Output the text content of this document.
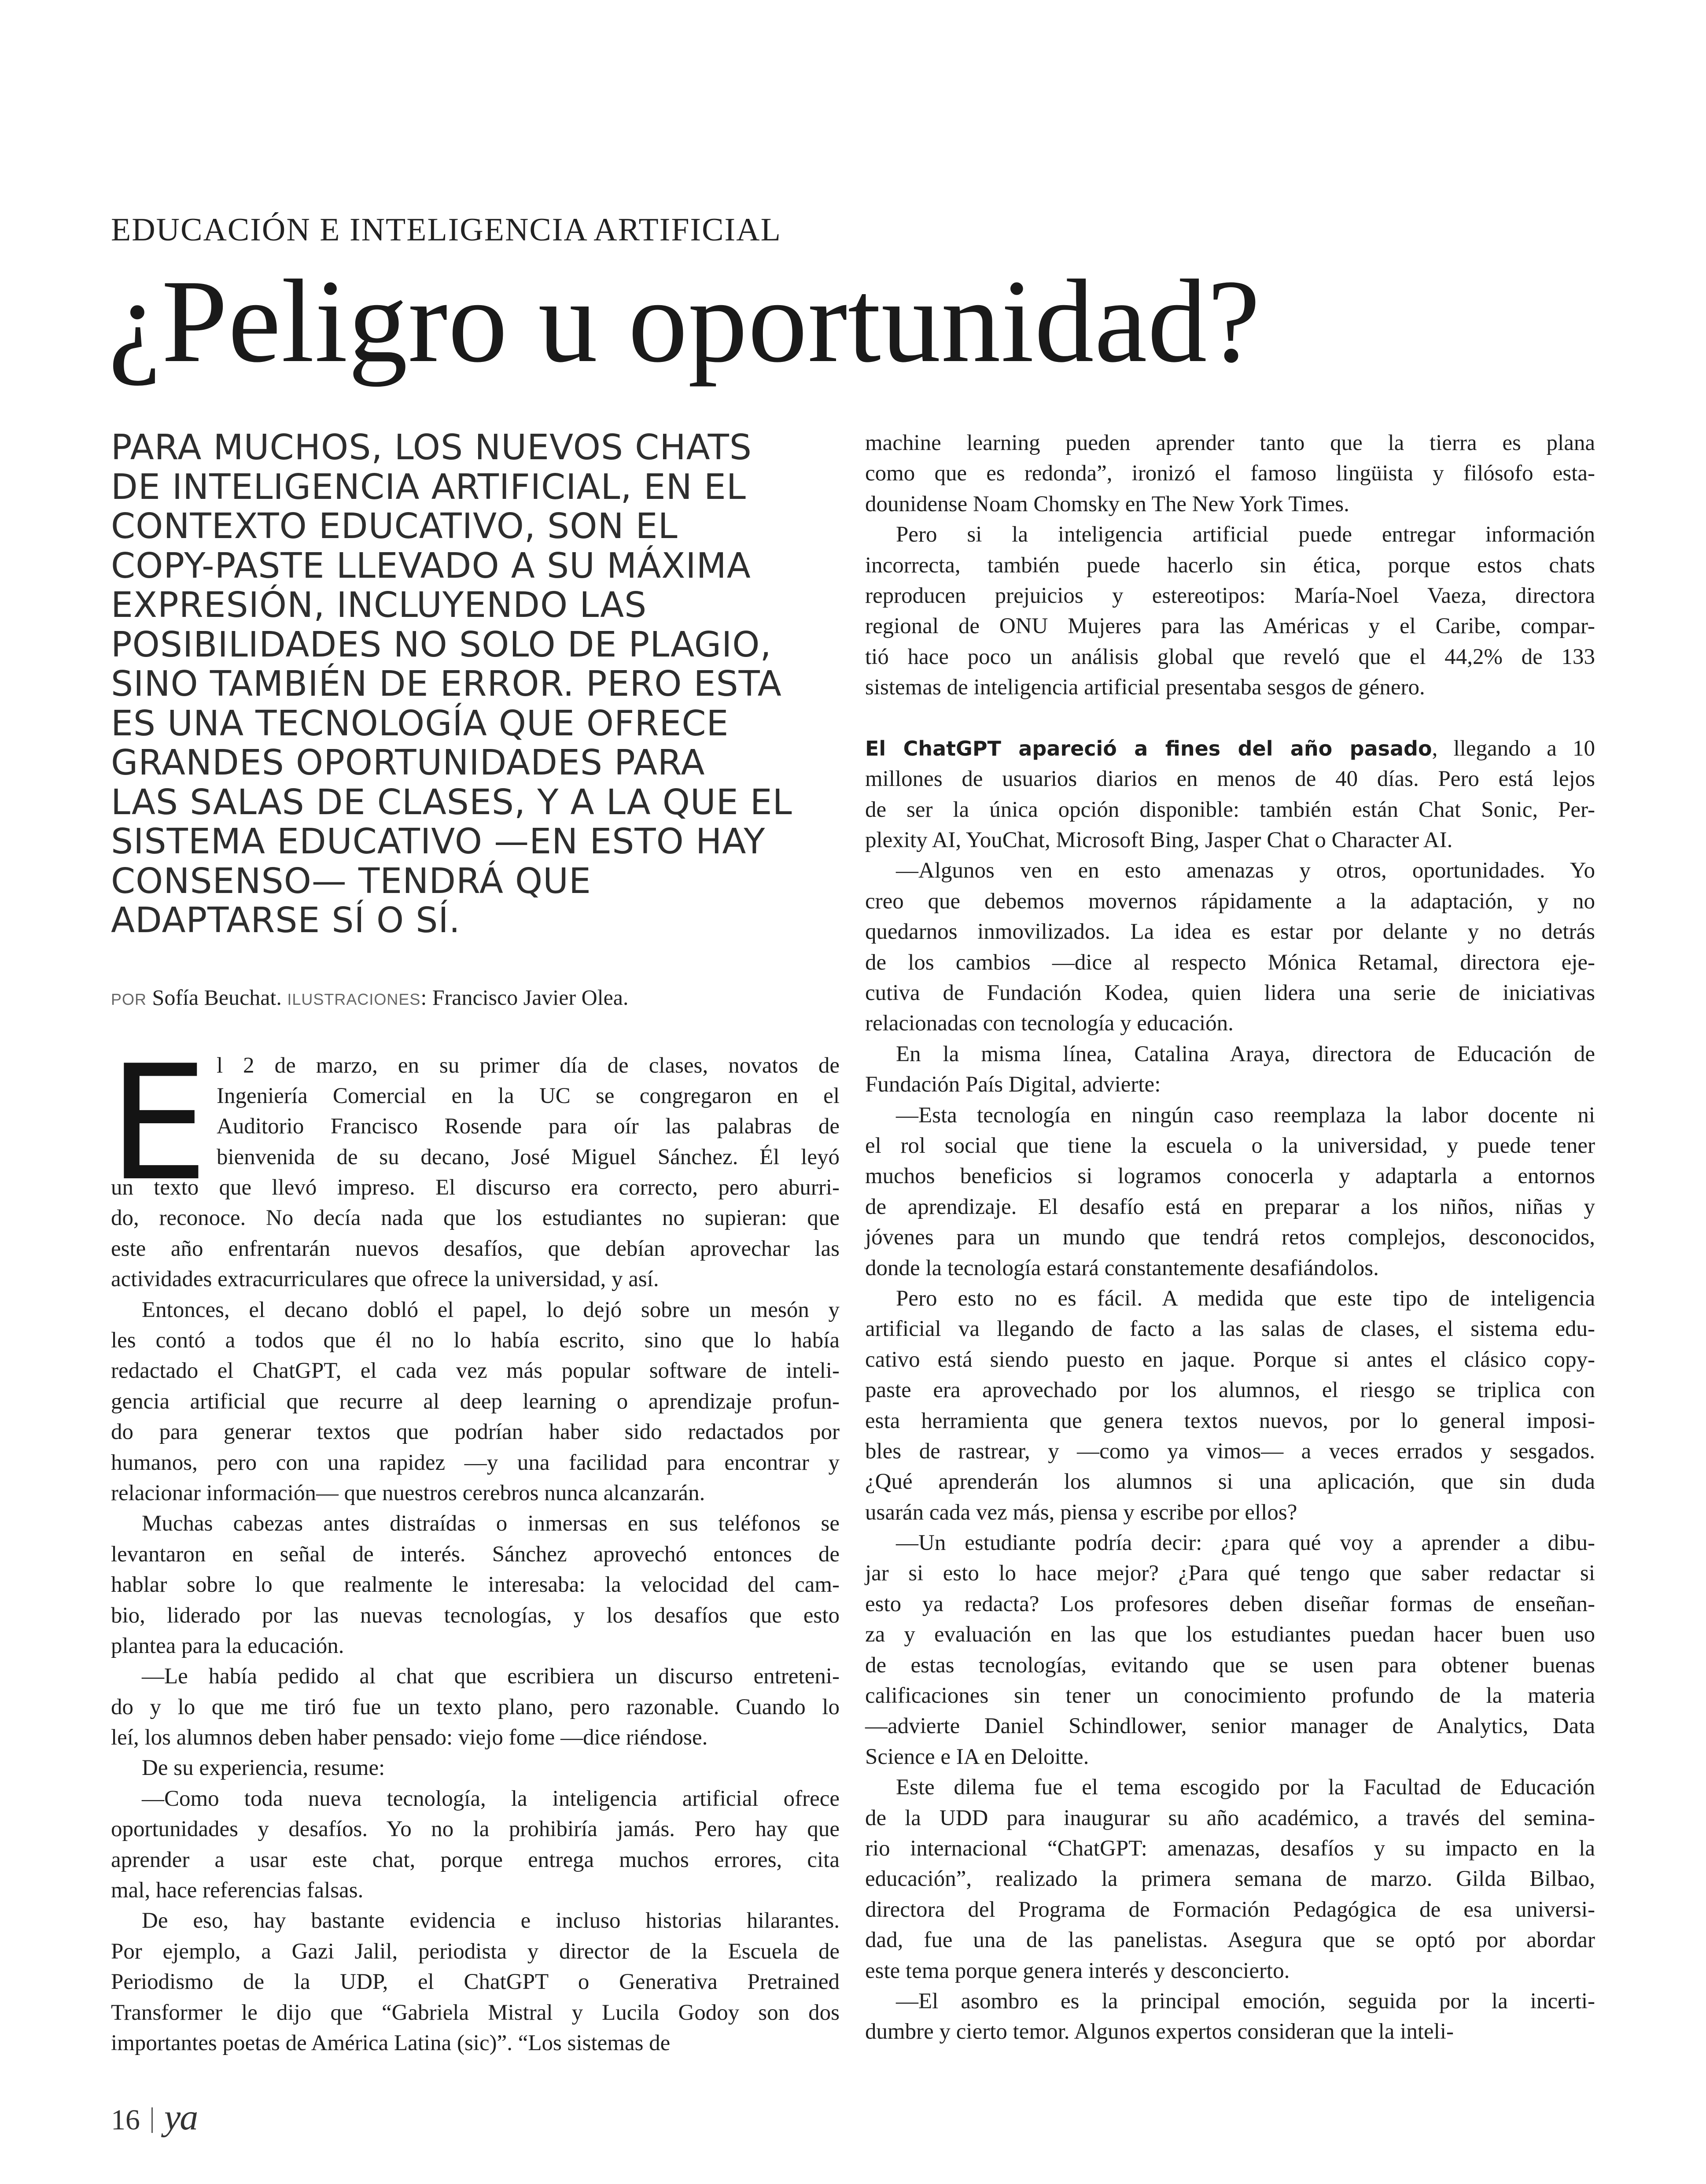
EDUCACIÓN E INTELIGENCIA ARTIFICIAL
¿Peligro u oportunidad?
PARA MUCHOS, LOS NUEVOS CHATS
DE INTELIGENCIA ARTIFICIAL, EN EL
CONTEXTO EDUCATIVO, SON EL
COPY-PASTE LLEVADO A SU MÁXIMA
EXPRESIÓN, INCLUYENDO LAS
POSIBILIDADES NO SOLO DE PLAGIO,
SINO TAMBIÉN DE ERROR. PERO ESTA
ES UNA TECNOLOGÍA QUE OFRECE
GRANDES OPORTUNIDADES PARA
LAS SALAS DE CLASES, Y A LA QUE EL
SISTEMA EDUCATIVO —EN ESTO HAY
CONSENSO— TENDRÁ QUE
ADAPTARSE SÍ O SÍ.
POR Sofía Beuchat. ILUSTRACIONES: Francisco Javier Olea.
E l 2 de marzo, en su primer día de clases, novatos de
Ingeniería Comercial en la UC se congregaron en el
Auditorio Francisco Rosende para oír las palabras de
bienvenida de su decano, José Miguel Sánchez. Él leyó
un texto que llevó impreso. El discurso era correcto, pero aburri-
do, reconoce. No decía nada que los estudiantes no supieran: que
este año enfrentarán nuevos desafíos, que debían aprovechar las
actividades extracurriculares que ofrece la universidad, y así.
Entonces, el decano dobló el papel, lo dejó sobre un mesón y
les contó a todos que él no lo había escrito, sino que lo había
redactado el ChatGPT, el cada vez más popular software de inteli-
gencia artificial que recurre al deep learning o aprendizaje profun-
do para generar textos que podrían haber sido redactados por
humanos, pero con una rapidez —y una facilidad para encontrar y
relacionar información— que nuestros cerebros nunca alcanzarán.
Muchas cabezas antes distraídas o inmersas en sus teléfonos se
levantaron en señal de interés. Sánchez aprovechó entonces de
hablar sobre lo que realmente le interesaba: la velocidad del cam-
bio, liderado por las nuevas tecnologías, y los desafíos que esto
plantea para la educación.
—Le había pedido al chat que escribiera un discurso entreteni-
do y lo que me tiró fue un texto plano, pero razonable. Cuando lo
leí, los alumnos deben haber pensado: viejo fome —dice riéndose.
De su experiencia, resume:
—Como toda nueva tecnología, la inteligencia artificial ofrece
oportunidades y desafíos. Yo no la prohibiría jamás. Pero hay que
aprender a usar este chat, porque entrega muchos errores, cita
mal, hace referencias falsas.
De eso, hay bastante evidencia e incluso historias hilarantes.
Por ejemplo, a Gazi Jalil, periodista y director de la Escuela de
Periodismo de la UDP, el ChatGPT o Generativa Pretrained
Transformer le dijo que “Gabriela Mistral y Lucila Godoy son dos
importantes poetas de América Latina (sic)”. “Los sistemas de
machine learning pueden aprender tanto que la tierra es plana
como que es redonda”, ironizó el famoso lingüista y filósofo esta-
dounidense Noam Chomsky en The New York Times.
Pero si la inteligencia artificial puede entregar información
incorrecta, también puede hacerlo sin ética, porque estos chats
reproducen prejuicios y estereotipos: María-Noel Vaeza, directora
regional de ONU Mujeres para las Américas y el Caribe, compar-
tió hace poco un análisis global que reveló que el 44,2% de 133
sistemas de inteligencia artificial presentaba sesgos de género.
El ChatGPT apareció a fines del año pasado, llegando a 10
millones de usuarios diarios en menos de 40 días. Pero está lejos
de ser la única opción disponible: también están Chat Sonic, Per-
plexity AI, YouChat, Microsoft Bing, Jasper Chat o Character AI.
—Algunos ven en esto amenazas y otros, oportunidades. Yo
creo que debemos movernos rápidamente a la adaptación, y no
quedarnos inmovilizados. La idea es estar por delante y no detrás
de los cambios —dice al respecto Mónica Retamal, directora eje-
cutiva de Fundación Kodea, quien lidera una serie de iniciativas
relacionadas con tecnología y educación.
En la misma línea, Catalina Araya, directora de Educación de
Fundación País Digital, advierte:
—Esta tecnología en ningún caso reemplaza la labor docente ni
el rol social que tiene la escuela o la universidad, y puede tener
muchos beneficios si logramos conocerla y adaptarla a entornos
de aprendizaje. El desafío está en preparar a los niños, niñas y
jóvenes para un mundo que tendrá retos complejos, desconocidos,
donde la tecnología estará constantemente desafiándolos.
Pero esto no es fácil. A medida que este tipo de inteligencia
artificial va llegando de facto a las salas de clases, el sistema edu-
cativo está siendo puesto en jaque. Porque si antes el clásico copy-
paste era aprovechado por los alumnos, el riesgo se triplica con
esta herramienta que genera textos nuevos, por lo general imposi-
bles de rastrear, y —como ya vimos— a veces errados y sesgados.
¿Qué aprenderán los alumnos si una aplicación, que sin duda
usarán cada vez más, piensa y escribe por ellos?
—Un estudiante podría decir: ¿para qué voy a aprender a dibu-
jar si esto lo hace mejor? ¿Para qué tengo que saber redactar si
esto ya redacta? Los profesores deben diseñar formas de enseñan-
za y evaluación en las que los estudiantes puedan hacer buen uso
de estas tecnologías, evitando que se usen para obtener buenas
calificaciones sin tener un conocimiento profundo de la materia
—advierte Daniel Schindlower, senior manager de Analytics, Data
Science e IA en Deloitte.
Este dilema fue el tema escogido por la Facultad de Educación
de la UDD para inaugurar su año académico, a través del semina-
rio internacional “ChatGPT: amenazas, desafíos y su impacto en la
educación”, realizado la primera semana de marzo. Gilda Bilbao,
directora del Programa de Formación Pedagógica de esa universi-
dad, fue una de las panelistas. Asegura que se optó por abordar
este tema porque genera interés y desconcierto.
—El asombro es la principal emoción, seguida por la incerti-
dumbre y cierto temor. Algunos expertos consideran que la inteli-
16 ya
